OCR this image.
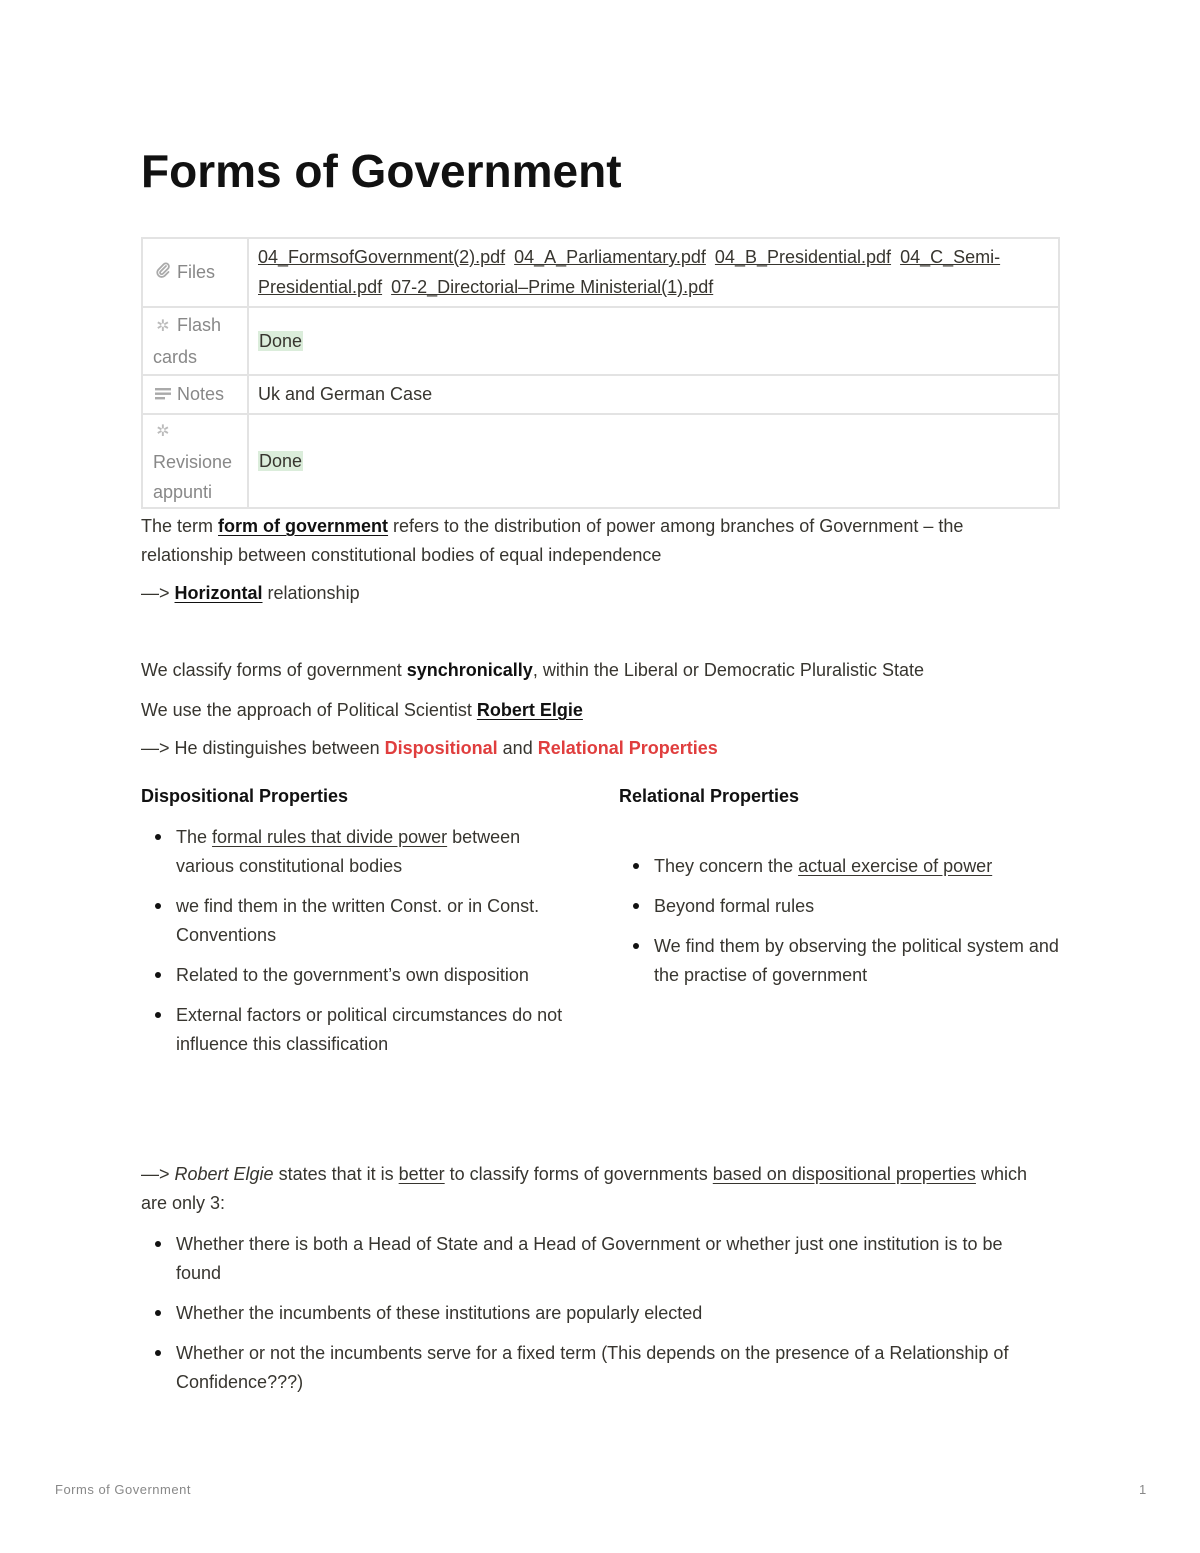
Forms of Government
Files	04_FormsofGovernment(2).pdf 04_A_Parliamentary.pdf 04_B_Presidential.pdf 04_C_Semi-Presidential.pdf 07-2_Directorial–Prime Ministerial(1).pdf
✲ Flash cards	Done
Notes	Uk and German Case
✲
Revisione appunti	Done

The term form of government refers to the distribution of power among branches of Government – the relationship between constitutional bodies of equal independence

—> Horizontal relationship

We classify forms of government synchronically, within the Liberal or Democratic Pluralistic State

We use the approach of Political Scientist Robert Elgie

—> He distinguishes between Dispositional and Relational Properties

Dispositional Properties
The formal rules that divide power between various constitutional bodies
we find them in the written Const. or in Const. Conventions
Related to the government’s own disposition
External factors or political circumstances do not influence this classification
Relational Properties
They concern the actual exercise of power
Beyond formal rules
We find them by observing the political system and the practise of government

—> Robert Elgie states that it is better to classify forms of governments based on dispositional properties which are only 3:

Whether there is both a Head of State and a Head of Government or whether just one institution is to be found
Whether the incumbents of these institutions are popularly elected
Whether or not the incumbents serve for a fixed term (This depends on the presence of a Relationship of Confidence???)
Forms of Government	1
